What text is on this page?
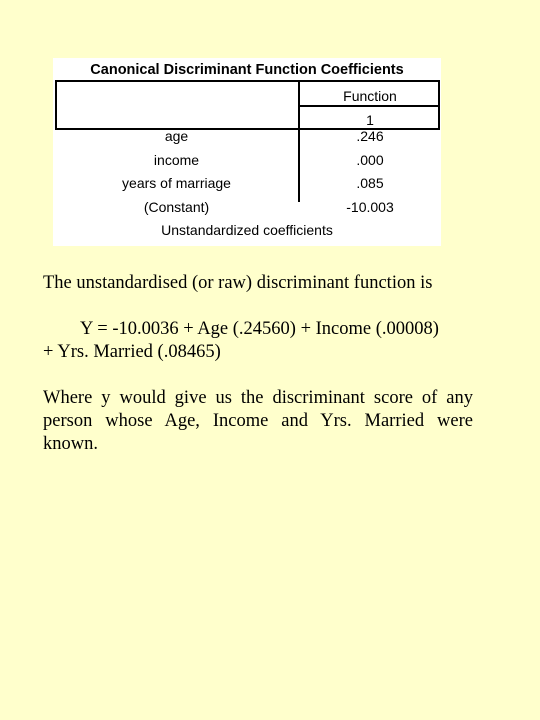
Canonical Discriminant Function Coefficients
Function
1
age	.246
income	.000
years of marriage	.085
(Constant)	-10.003
Unstandardized coefficients
The unstandardised (or raw) discriminant function is
Y = -10.0036 + Age (.24560) + Income (.00008)
+ Yrs. Married (.08465)
Where y would give us the discriminant score of any person whose Age, Income and Yrs. Married were known.
